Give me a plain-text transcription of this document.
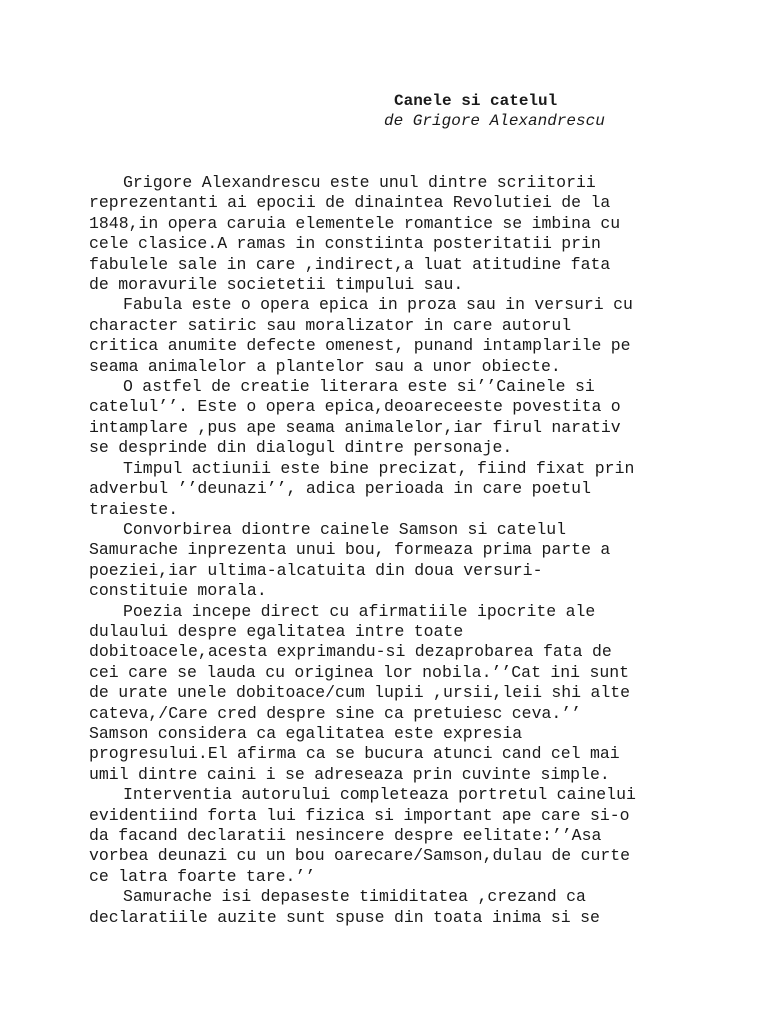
Canele si catelul

de Grigore Alexandrescu

Grigore Alexandrescu este unul dintre scriitorii
reprezentanti ai epocii de dinaintea Revolutiei de la
1848,in opera caruia elementele romantice se imbina cu
cele clasice.A ramas in constiinta posteritatii prin
fabulele sale in care ,indirect,a luat atitudine fata
de moravurile societetii timpului sau.

Fabula este o opera epica in proza sau in versuri cu
character satiric sau moralizator in care autorul
critica anumite defecte omenest, punand intamplarile pe
seama animalelor a plantelor sau a unor obiecte.

O astfel de creatie literara este si’’Cainele si
catelul’’. Este o opera epica,deoareceeste povestita o
intamplare ,pus ape seama animalelor,iar firul narativ
se desprinde din dialogul dintre personaje.

Timpul actiunii este bine precizat, fiind fixat prin
adverbul ’’deunazi’’, adica perioada in care poetul
traieste.

Convorbirea diontre cainele Samson si catelul
Samurache inprezenta unui bou, formeaza prima parte a
poeziei,iar ultima-alcatuita din doua versuri-
constituie morala.

Poezia incepe direct cu afirmatiile ipocrite ale
dulaului despre egalitatea intre toate
dobitoacele,acesta exprimandu-si dezaprobarea fata de
cei care se lauda cu originea lor nobila.’’Cat ini sunt
de urate unele dobitoace/cum lupii ,ursii,leii shi alte
cateva,/Care cred despre sine ca pretuiesc ceva.’’
Samson considera ca egalitatea este expresia
progresului.El afirma ca se bucura atunci cand cel mai
umil dintre caini i se adreseaza prin cuvinte simple.

Interventia autorului completeaza portretul cainelui
evidentiind forta lui fizica si important ape care si-o
da facand declaratii nesincere despre eelitate:’’Asa
vorbea deunazi cu un bou oarecare/Samson,dulau de curte
ce latra foarte tare.’’

Samurache isi depaseste timiditatea ,crezand ca
declaratiile auzite sunt spuse din toata inima si se
